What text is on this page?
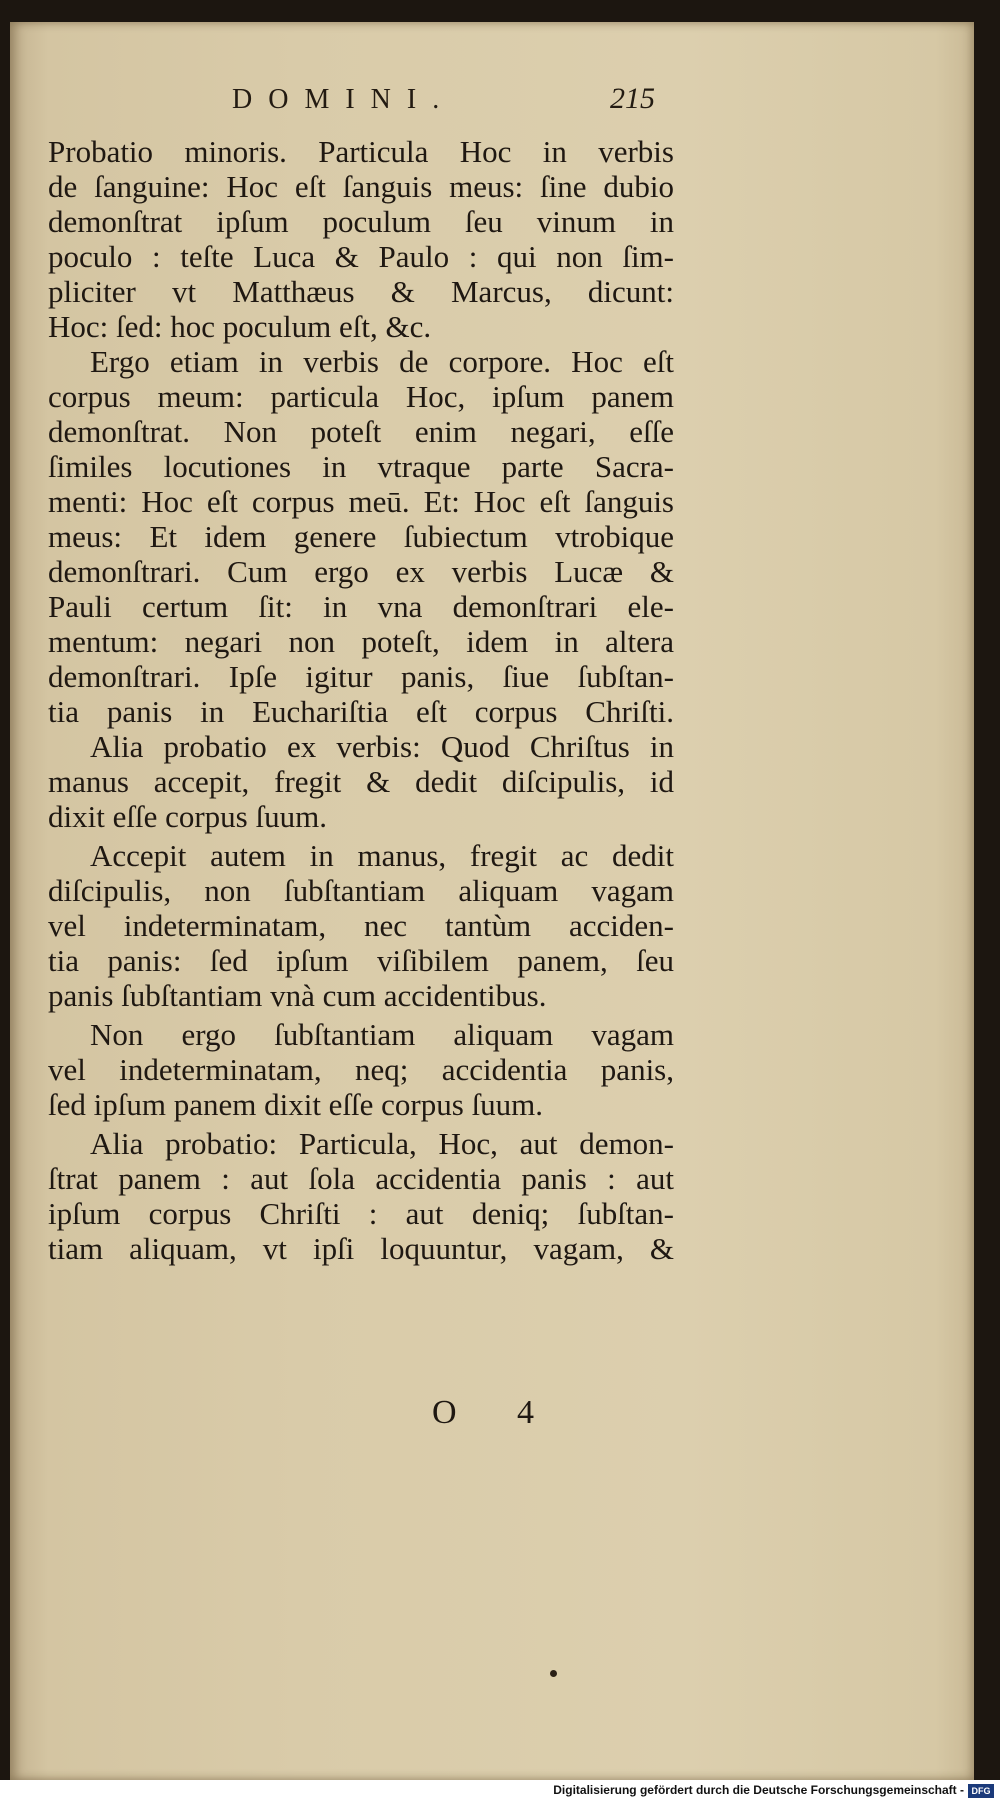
DOMINI.	215

Probatio minoris. Particula Hoc in verbis

de ſanguine: Hoc eſt ſanguis meus: ſine dubio

demonſtrat ipſum poculum ſeu vinum in

poculo : teſte Luca & Paulo : qui non ſim-

pliciter vt Matthæus & Marcus, dicunt:

Hoc: ſed: hoc poculum eſt, &c.

Ergo etiam in verbis de corpore. Hoc eſt

corpus meum: particula Hoc, ipſum panem

demonſtrat. Non poteſt enim negari, eſſe

ſimiles locutiones in vtraque parte Sacra-

menti: Hoc eſt corpus meū. Et: Hoc eſt ſanguis

meus: Et idem genere ſubiectum vtrobique

demonſtrari. Cum ergo ex verbis Lucæ &

Pauli certum ſit: in vna demonſtrari ele-

mentum: negari non poteſt, idem in altera

demonſtrari. Ipſe igitur panis, ſiue ſubſtan-

tia panis in Euchariſtia eſt corpus Chriſti.

Alia probatio ex verbis: Quod Chriſtus in

manus accepit, fregit & dedit diſcipulis, id

dixit eſſe corpus ſuum.

Accepit autem in manus, fregit ac dedit

diſcipulis, non ſubſtantiam aliquam vagam

vel indeterminatam, nec tantùm acciden-

tia panis: ſed ipſum viſibilem panem, ſeu

panis ſubſtantiam vnà cum accidentibus.

Non ergo ſubſtantiam aliquam vagam

vel indeterminatam, neq; accidentia panis,

ſed ipſum panem dixit eſſe corpus ſuum.

Alia probatio: Particula, Hoc, aut demon-

ſtrat panem : aut ſola accidentia panis : aut

ipſum corpus Chriſti : aut deniq; ſubſtan-

tiam aliquam, vt ipſi loquuntur, vagam, &

O 4

Digitalisierung gefördert durch die Deutsche Forschungsgemeinschaft - DFG
